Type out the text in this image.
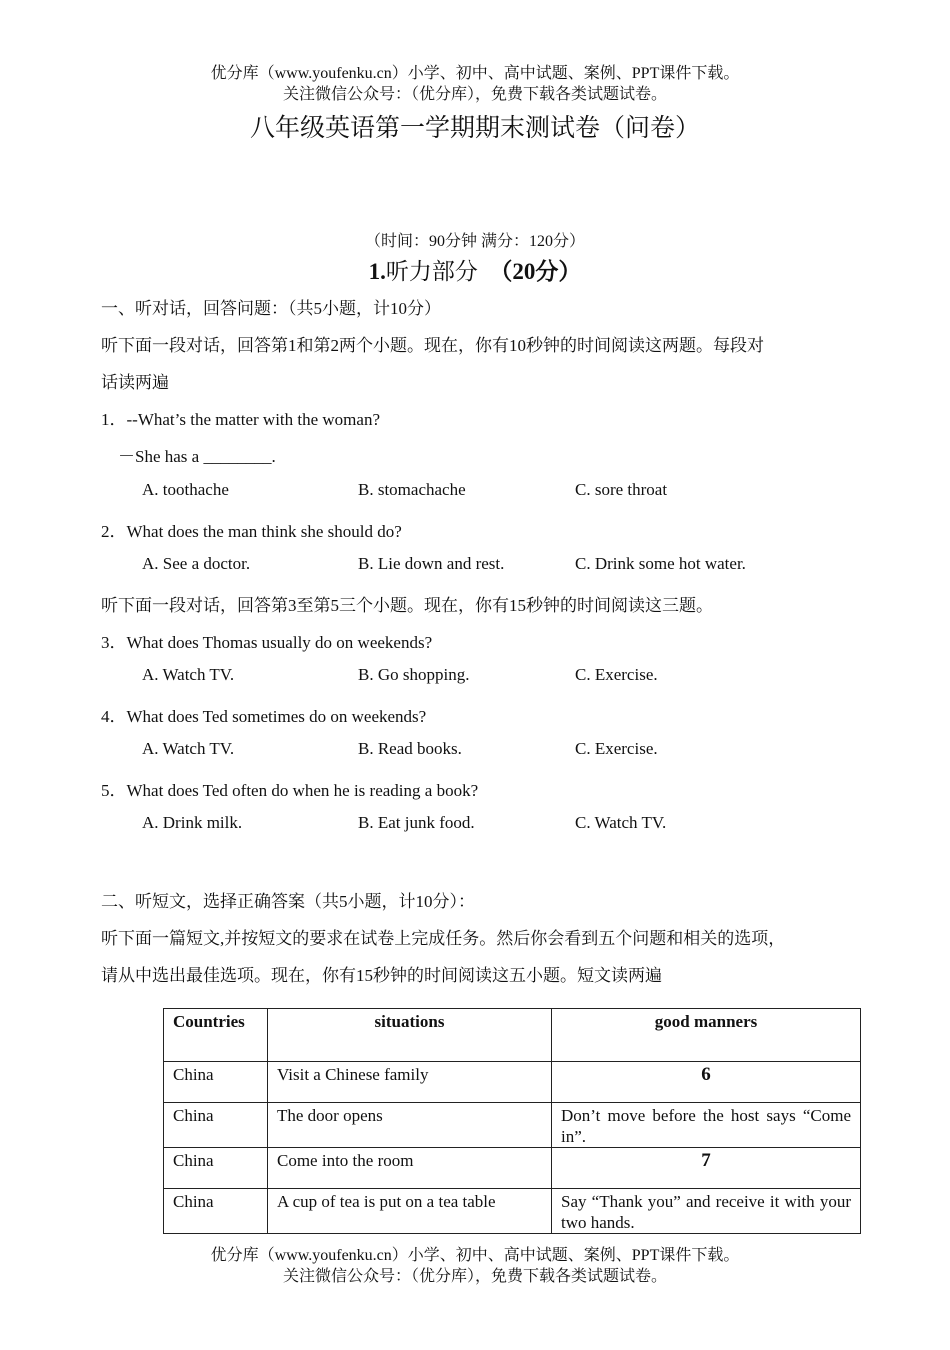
优分库（www.youfenku.cn）小学、初中、高中试题、案例、PPT课件下载。
关注微信公众号：（优分库），免费下载各类试题试卷。
八年级英语第一学期期末测试卷（问卷）
（时间：90分钟 满分：120分）
1.听力部分 （20分）
一、听对话，回答问题：（共5小题，计10分）
听下面一段对话，回答第1和第2两个小题。现在，你有10秒钟的时间阅读这两题。每段对
话读两遍
1．--What’s the matter with the woman?
－She has a ________.
A. toothache	B. stomachache	C. sore throat
2．What does the man think she should do?
A. See a doctor.	B. Lie down and rest.	C. Drink some hot water.
听下面一段对话，回答第3至第5三个小题。现在，你有15秒钟的时间阅读这三题。
3．What does Thomas usually do on weekends?
A. Watch TV.	B. Go shopping.	C. Exercise.
4．What does Ted sometimes do on weekends?
A. Watch TV.	B. Read books.	C. Exercise.
5．What does Ted often do when he is reading a book?
A. Drink milk.	B. Eat junk food.	C. Watch TV.
二、听短文，选择正确答案（共5小题，计10分）：
听下面一篇短文,并按短文的要求在试卷上完成任务。然后你会看到五个问题和相关的选项，
请从中选出最佳选项。现在，你有15秒钟的时间阅读这五小题。短文读两遍
Countries	situations	good manners
China	Visit a Chinese family	6
China	The door opens	Don’t move before the host says “Come in”.
China	Come into the room	7
China	A cup of tea is put on a tea table	Say “Thank you” and receive it with your two hands.
优分库（www.youfenku.cn）小学、初中、高中试题、案例、PPT课件下载。
关注微信公众号：（优分库），免费下载各类试题试卷。
